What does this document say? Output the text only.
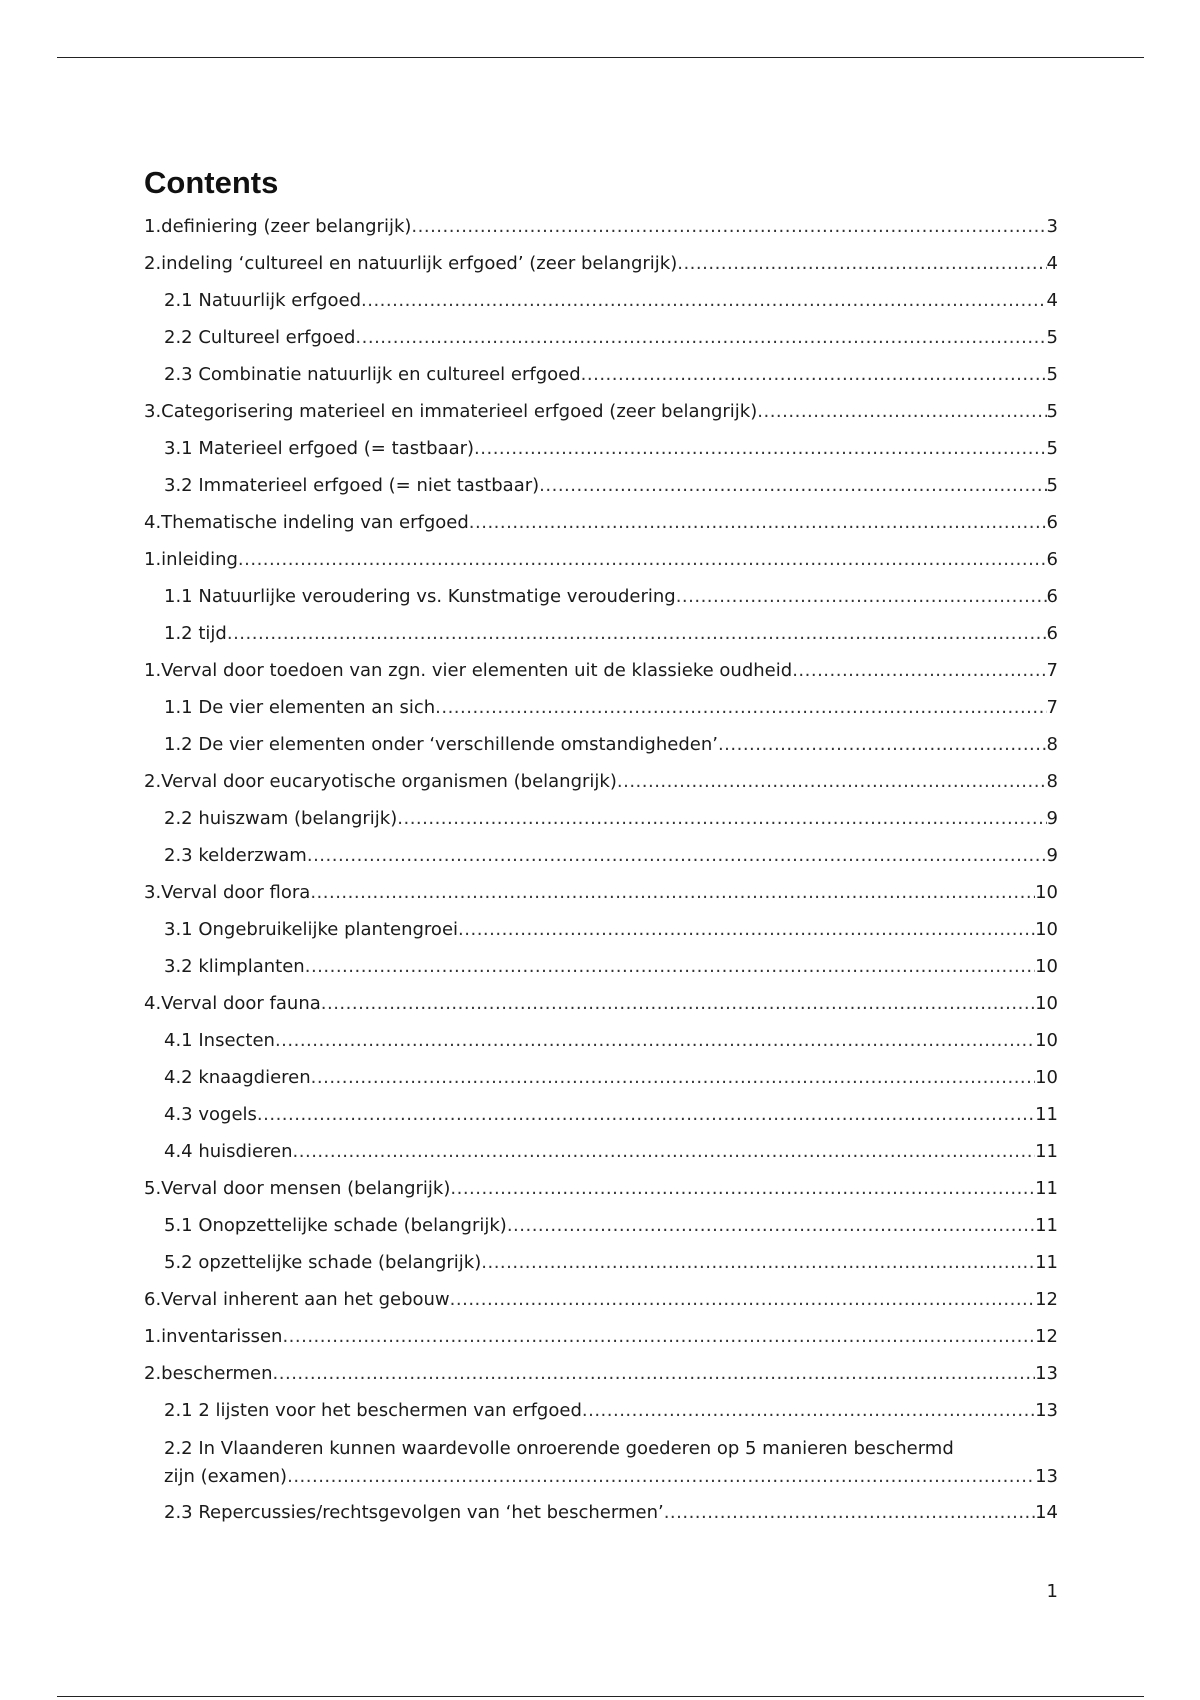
Contents
1.definiering (zeer belangrijk) .....	3
2.indeling ‘cultureel en natuurlijk erfgoed’ (zeer belangrijk) .....	4
2.1 Natuurlijk erfgoed .....	4
2.2 Cultureel erfgoed .....	5
2.3 Combinatie natuurlijk en cultureel erfgoed .....	5
3.Categorisering materieel en immaterieel erfgoed (zeer belangrijk) .....	5
3.1 Materieel erfgoed (= tastbaar) .....	5
3.2 Immaterieel erfgoed (= niet tastbaar) .....	5
4.Thematische indeling van erfgoed .....	6
1.inleiding .....	6
1.1 Natuurlijke veroudering vs. Kunstmatige veroudering .....	6
1.2 tijd .....	6
1.Verval door toedoen van zgn. vier elementen uit de klassieke oudheid .....	7
1.1 De vier elementen an sich .....	7
1.2 De vier elementen onder ‘verschillende omstandigheden’ .....	8
2.Verval door eucaryotische organismen (belangrijk) .....	8
2.2 huiszwam (belangrijk) .....	9
2.3 kelderzwam .....	9
3.Verval door flora .....	10
3.1 Ongebruikelijke plantengroei .....	10
3.2 klimplanten .....	10
4.Verval door fauna .....	10
4.1 Insecten .....	10
4.2 knaagdieren .....	10
4.3 vogels .....	11
4.4 huisdieren .....	11
5.Verval door mensen (belangrijk) .....	11
5.1 Onopzettelijke schade (belangrijk) .....	11
5.2 opzettelijke schade (belangrijk) .....	11
6.Verval inherent aan het gebouw .....	12
1.inventarissen .....	12
2.beschermen .....	13
2.1 2 lijsten voor het beschermen van erfgoed .....	13
2.2 In Vlaanderen kunnen waardevolle onroerende goederen op 5 manieren beschermd
zijn (examen) .....	13
2.3 Repercussies/rechtsgevolgen van ‘het beschermen’ .....	14
1
